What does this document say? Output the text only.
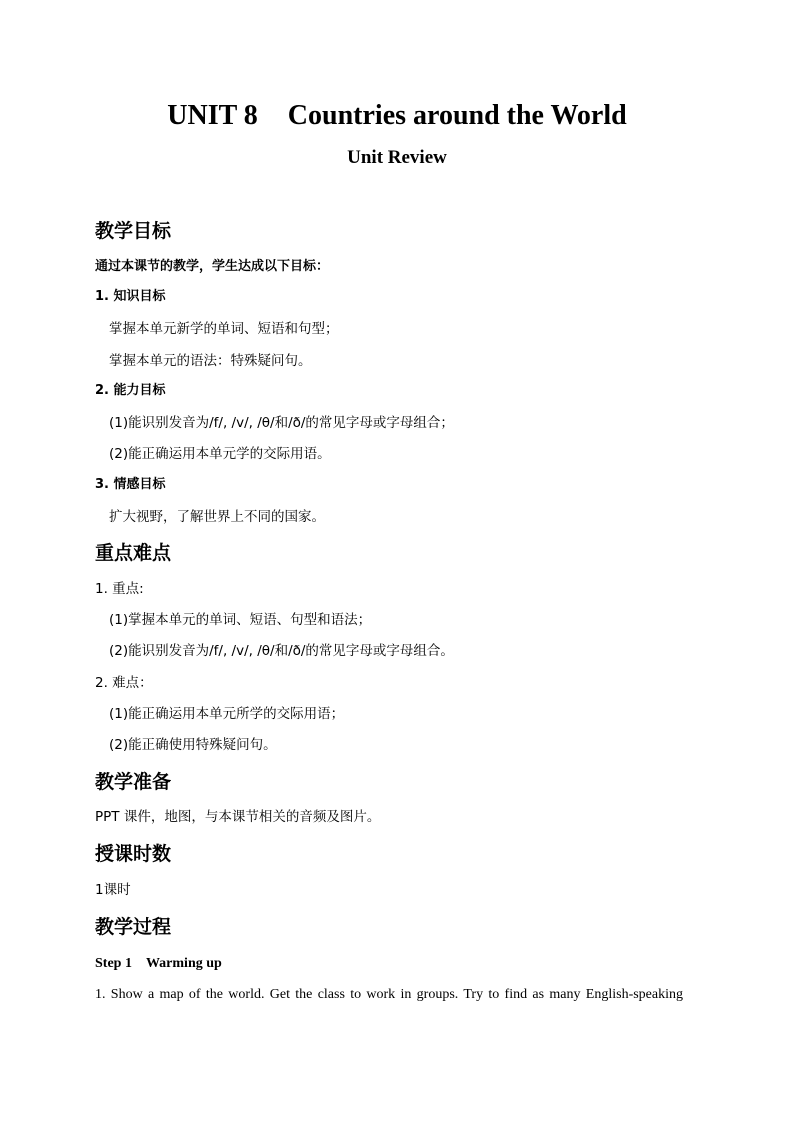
UNIT 8 Countries around the World
Unit Review
教学目标
通过本课节的教学，学生达成以下目标：
1. 知识目标
掌握本单元新学的单词、短语和句型；
掌握本单元的语法：特殊疑问句。
2. 能力目标
(1)能识别发音为/f/, /v/, /θ/和/ð/的常见字母或字母组合；
(2)能正确运用本单元学的交际用语。
3. 情感目标
扩大视野，了解世界上不同的国家。
重点难点
1. 重点:
(1)掌握本单元的单词、短语、句型和语法；
(2)能识别发音为/f/, /v/, /θ/和/ð/的常见字母或字母组合。
2. 难点：
(1)能正确运用本单元所学的交际用语；
(2)能正确使用特殊疑问句。
教学准备
PPT 课件，地图，与本课节相关的音频及图片。
授课时数
1课时
教学过程
Step 1 Warming up
1. Show a map of the world. Get the class to work in groups. Try to find as many English-speaking
